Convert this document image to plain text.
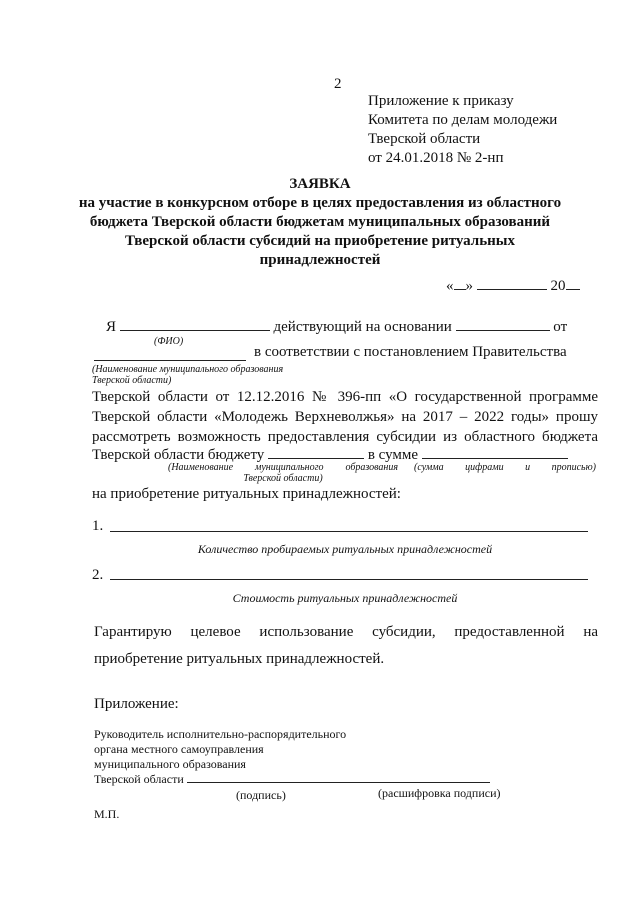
2
Приложение к приказу
Комитета по делам молодежи
Тверской области
от 24.01.2018 № 2-нп
ЗАЯВКА
на участие в конкурсном отборе в целях предоставления из областного
бюджета Тверской области бюджетам муниципальных образований
Тверской области субсидий на приобретение ритуальных
принадлежностей
« »	20
Я	действующий на основании	от
(ФИО)
в соответствии с постановлением Правительства
(Наименование муниципального образования
Тверской области)
Тверской области от 12.12.2016 № 396-пп «О государственной программе
Тверской области «Молодежь Верхневолжья» на 2017 – 2022 годы» прошу
рассмотреть возможность предоставления субсидии из областного бюджета
Тверской области бюджету	в сумме
(Наименование муниципального образования
Тверской области)
(сумма цифрами и прописью)
на приобретение ритуальных принадлежностей:
1.
Количество пробираемых ритуальных принадлежностей
2.
Стоимость ритуальных принадлежностей
Гарантирую целевое использование субсидии, предоставленной на
приобретение ритуальных принадлежностей.
Приложение:
Руководитель исполнительно-распорядительного
органа местного самоуправления
муниципального образования
Тверской области
(подпись)	(расшифровка подписи)
М.П.
